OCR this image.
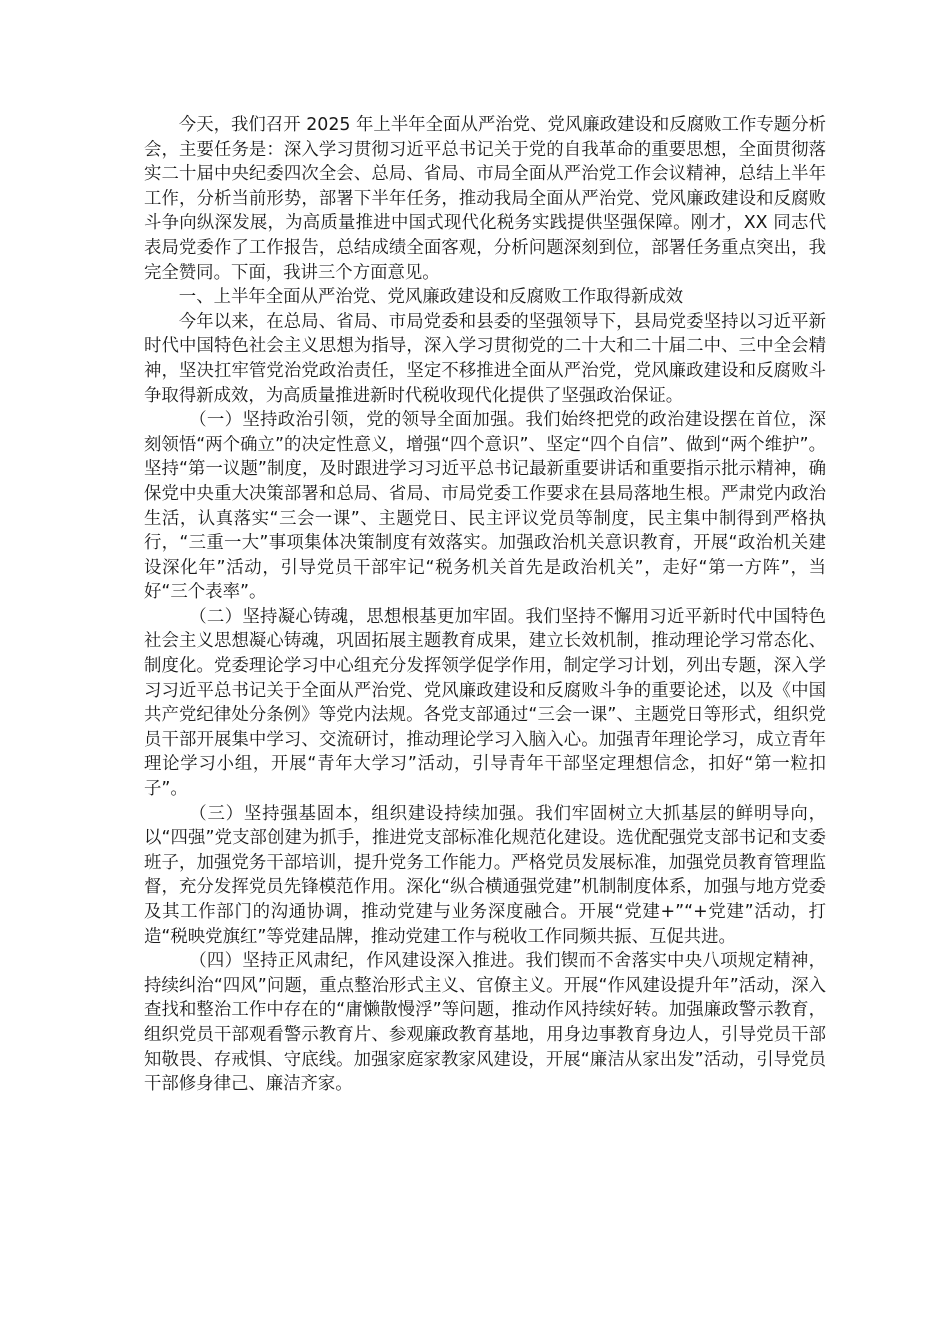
今天，我们召开 2025 年上半年全面从严治党、党风廉政建设和反腐败工作专题分析会，主要任务是：深入学习贯彻习近平总书记关于党的自我革命的重要思想，全面贯彻落实二十届中央纪委四次全会、总局、省局、市局全面从严治党工作会议精神，总结上半年工作，分析当前形势，部署下半年任务，推动我局全面从严治党、党风廉政建设和反腐败斗争向纵深发展，为高质量推进中国式现代化税务实践提供坚强保障。刚才，XX 同志代表局党委作了工作报告，总结成绩全面客观，分析问题深刻到位，部署任务重点突出，我完全赞同。下面，我讲三个方面意见。

一、上半年全面从严治党、党风廉政建设和反腐败工作取得新成效

今年以来，在总局、省局、市局党委和县委的坚强领导下，县局党委坚持以习近平新时代中国特色社会主义思想为指导，深入学习贯彻党的二十大和二十届二中、三中全会精神，坚决扛牢管党治党政治责任，坚定不移推进全面从严治党，党风廉政建设和反腐败斗争取得新成效，为高质量推进新时代税收现代化提供了坚强政治保证。

（一）坚持政治引领，党的领导全面加强。我们始终把党的政治建设摆在首位，深刻领悟“两个确立”的决定性意义，增强“四个意识”、坚定“四个自信”、做到“两个维护”。坚持“第一议题”制度，及时跟进学习习近平总书记最新重要讲话和重要指示批示精神，确保党中央重大决策部署和总局、省局、市局党委工作要求在县局落地生根。严肃党内政治生活，认真落实“三会一课”、主题党日、民主评议党员等制度，民主集中制得到严格执行，“三重一大”事项集体决策制度有效落实。加强政治机关意识教育，开展“政治机关建设深化年”活动，引导党员干部牢记“税务机关首先是政治机关”，走好“第一方阵”，当好“三个表率”。

（二）坚持凝心铸魂，思想根基更加牢固。我们坚持不懈用习近平新时代中国特色社会主义思想凝心铸魂，巩固拓展主题教育成果，建立长效机制，推动理论学习常态化、制度化。党委理论学习中心组充分发挥领学促学作用，制定学习计划，列出专题，深入学习习近平总书记关于全面从严治党、党风廉政建设和反腐败斗争的重要论述，以及《中国共产党纪律处分条例》等党内法规。各党支部通过“三会一课”、主题党日等形式，组织党员干部开展集中学习、交流研讨，推动理论学习入脑入心。加强青年理论学习，成立青年理论学习小组，开展“青年大学习”活动，引导青年干部坚定理想信念，扣好“第一粒扣子”。

（三）坚持强基固本，组织建设持续加强。我们牢固树立大抓基层的鲜明导向，以“四强”党支部创建为抓手，推进党支部标准化规范化建设。选优配强党支部书记和支委班子，加强党务干部培训，提升党务工作能力。严格党员发展标准，加强党员教育管理监督，充分发挥党员先锋模范作用。深化“纵合横通强党建”机制制度体系，加强与地方党委及其工作部门的沟通协调，推动党建与业务深度融合。开展“党建+”“+党建”活动，打造“税映党旗红”等党建品牌，推动党建工作与税收工作同频共振、互促共进。

（四）坚持正风肃纪，作风建设深入推进。我们锲而不舍落实中央八项规定精神，持续纠治“四风”问题，重点整治形式主义、官僚主义。开展“作风建设提升年”活动，深入查找和整治工作中存在的“庸懒散慢浮”等问题，推动作风持续好转。加强廉政警示教育，组织党员干部观看警示教育片、参观廉政教育基地，用身边事教育身边人，引导党员干部知敬畏、存戒惧、守底线。加强家庭家教家风建设，开展“廉洁从家出发”活动，引导党员干部修身律己、廉洁齐家。
